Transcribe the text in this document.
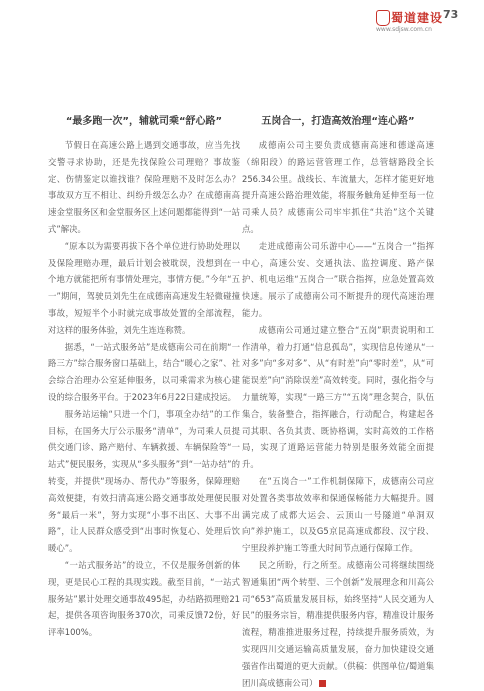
蜀道建设
www.sdjsw.com.cn
73
“最多跑一次”，辅就司乘“舒心路”

节假日在高速公路上遇到交通事故，应当先找交警寻求协助，还是先找保险公司理赔？事故鉴定、伤情鉴定以谁找谁？保险理赔不及时怎么办？事故双方互不相让、纠纷升级怎么办？在成德南高速金堂服务区和金堂服务区上述问题都能得到“一站式”解决。

“原本以为需要再拔下各个单位进行协助处理以及保险理赔办理，最后计划会被耽误，没想到在一个地方就能把所有事情处理完，事情方便。”今年“五一”期间，驾驶员刘先生在成德南高速发生轻微碰撞事故，短短半个小时就完成事故处置的全部流程，对这样的服务体验，刘先生连连称赞。

据悉，“一站式服务站”是成德南公司在前期“一路三方”综合服务窗口基础上，结合“暖心之家”、社会综合治理办公室延伸服务，以司乘需求为核心建设的综合服务平台。于2023年6月22日建成投运。

服务站运输“只进一个门，事项全办结”的工作目标，在国务大厅公示服务“清单”，为司乘人员提供交通门诊、路产赔付、车辆救援、车辆保险等“一站式”便民服务，实现从“多头服务”到“一站办结”的转变，并提供“现场办、帮代办”等服务，保障理赔高效便捷，有效扫清高速公路交通事故处理便民服务“最后一米”，努力实现“小事不出区、大事不出路”，让人民群众感受到“出事时恢复心、处理后饮暖心”。

“一站式服务站”的设立，不仅是服务创新的体现，更是民心工程的具现实践。截至目前，“一站式服务站”累计处理交通事故495起，办结路损理赔21起，提供各项咨询服务370次，司乘反馈72份，好评率100%。

五岗合一，打造高效治理“连心路”

成德南公司主要负责成德南高速和德遂高速（绵阳段）的路运营管理工作，总管辖路段全长256.34公里。战线长、车流量大，怎样才能更好地提升高速公路治理效能，将服务触角延伸至每一位司乘人员？成德南公司牢牢抓住“共治”这个关键点。

走进成德南公司乐游中心——“五岗合一”指挥中心，高速公安、交通执法、监控调度、路产保护、机电运维“五岗合一”联合指挥，应急处置高效快速。展示了成德南公司不断提升的现代高速治理能力。

成德南公司通过建立整合“五岗”职责说明和工作清单，着力打通“信息孤岛”，实现信息传递从“一对多”向“多对多”、从“有时差”向“零时差”，从“可能误差”向“消除误差”高效转变。同时，强化指令与力量统筹，实现“一路三方”“五岗”理念契合，队伍集合，装备整合，指挥融合，行动配合，构建起各司其职、各负其责、既协格调，实时高效的工作格局，实现了道路运营能力特别是服务效能全面提升。

在“五岗合一”工作机制保障下，成德南公司应对处置各类事故效率和保通保畅能力大幅提升。圆满完成了成都大运会、云顶山一号隧道“单洞双向”养护施工，以及G5京昆高速成都段、汉宁段、宁里段养护施工等重大时间节点通行保障工作。

民之所盼，行之所至。成德南公司将继续围绕智通集团“两个转型、三个创新”发展理念和川高公司“653”高质量发展目标，始终坚持“人民交通为人民”的服务宗旨，精准提供服务内容，精准设计服务流程，精准推进服务过程，持续提升服务质效，为实现四川交通运输高质量发展，奋力加快建设交通强省作出蜀道的更大贡献。（供稿：供图单位/蜀道集团川高成德南公司）
